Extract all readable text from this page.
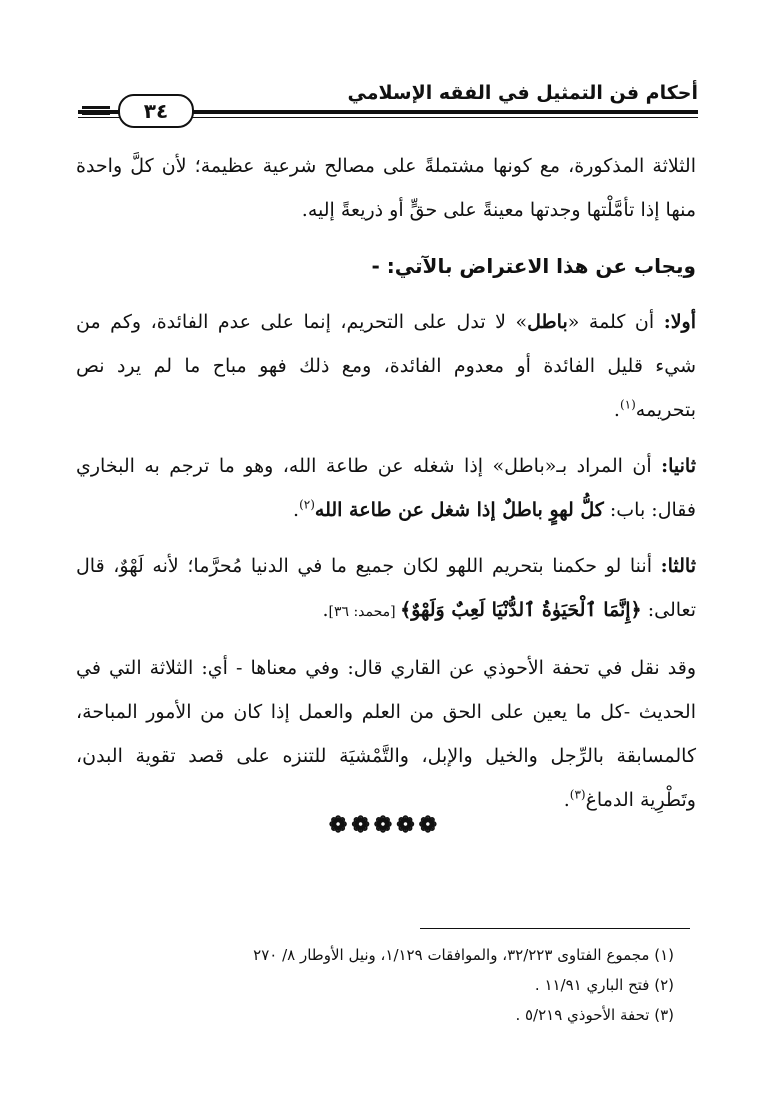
أحكام فن التمثيل في الفقه الإسلامي
٣٤

الثلاثة المذكورة، مع كونها مشتملةً على مصالح شرعية عظيمة؛ لأن كلَّ واحدة منها إذا تأمَّلْتها وجدتها معينةً على حقٍّ أو ذريعةً إليه.

ويجاب عن هذا الاعتراض بالآتي: -

أولا: أن كلمة «باطل» لا تدل على التحريم، إنما على عدم الفائدة، وكم من شيء قليل الفائدة أو معدوم الفائدة، ومع ذلك فهو مباح ما لم يرد نص بتحريمه$^{(١)}$.

ثانيا: أن المراد بـ«باطل» إذا شغله عن طاعة الله، وهو ما ترجم به البخاري فقال: باب: كلُّ لهوٍ باطلٌ إذا شغل عن طاعة الله$^{(٢)}$.

ثالثا: أننا لو حكمنا بتحريم اللهو لكان جميع ما في الدنيا مُحرَّما؛ لأنه لَهْوٌ، قال تعالى: ﴿إِنَّمَا ٱلْحَيَوٰةُ ٱلدُّنْيَا لَعِبٌ وَلَهْوٌ﴾ [محمد: ٣٦].

وقد نقل في تحفة الأحوذي عن القاري قال: وفي معناها - أي: الثلاثة التي في الحديث -كل ما يعين على الحق من العلم والعمل إذا كان من الأمور المباحة، كالمسابقة بالرِّجل والخيل والإبل، والتَّمْشيَة للتنزه على قصد تقوية البدن، وتَطْرِية الدماغ$^{(٣)}$.

❁❁❁❁❁
(١) مجموع الفتاوى ٣٢/٢٢٣، والموافقات ١/١٢٩، ونيل الأوطار ٨/ ٢٧٠
(٢) فتح الباري ١١/٩١ .
(٣) تحفة الأحوذي ٥/٢١٩ .
